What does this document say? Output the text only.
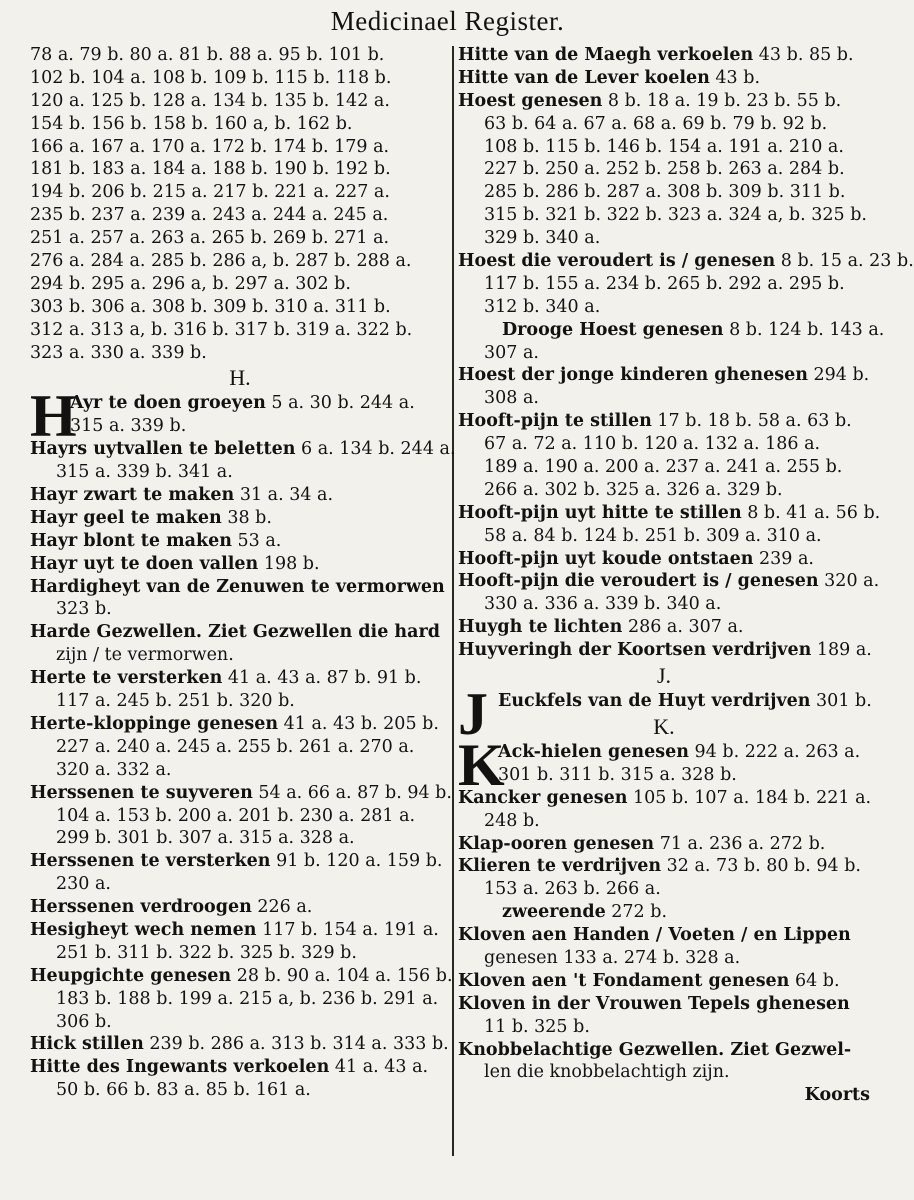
Medicinael Register.
78 a. 79 b. 80 a. 81 b. 88 a. 95 b. 101 b.
102 b. 104 a. 108 b. 109 b. 115 b. 118 b.
120 a. 125 b. 128 a. 134 b. 135 b. 142 a.
154 b. 156 b. 158 b. 160 a, b. 162 b.
166 a. 167 a. 170 a. 172 b. 174 b. 179 a.
181 b. 183 a. 184 a. 188 b. 190 b. 192 b.
194 b. 206 b. 215 a. 217 b. 221 a. 227 a.
235 b. 237 a. 239 a. 243 a. 244 a. 245 a.
251 a. 257 a. 263 a. 265 b. 269 b. 271 a.
276 a. 284 a. 285 b. 286 a, b. 287 b. 288 a.
294 b. 295 a. 296 a, b. 297 a. 302 b.
303 b. 306 a. 308 b. 309 b. 310 a. 311 b.
312 a. 313 a, b. 316 b. 317 b. 319 a. 322 b.
323 a. 330 a. 339 b.
H.
H
Ayr te doen groeyen 5 a. 30 b. 244 a.
315 a. 339 b.
Hayrs uytvallen te beletten 6 a. 134 b. 244 a.
315 a. 339 b. 341 a.
Hayr zwart te maken 31 a. 34 a.
Hayr geel te maken 38 b.
Hayr blont te maken 53 a.
Hayr uyt te doen vallen 198 b.
Hardigheyt van de Zenuwen te vermorwen
323 b.
Harde Gezwellen. Ziet Gezwellen die hard
zijn / te vermorwen.
Herte te versterken 41 a. 43 a. 87 b. 91 b.
117 a. 245 b. 251 b. 320 b.
Herte-kloppinge genesen 41 a. 43 b. 205 b.
227 a. 240 a. 245 a. 255 b. 261 a. 270 a.
320 a. 332 a.
Herssenen te suyveren 54 a. 66 a. 87 b. 94 b.
104 a. 153 b. 200 a. 201 b. 230 a. 281 a.
299 b. 301 b. 307 a. 315 a. 328 a.
Herssenen te versterken 91 b. 120 a. 159 b.
230 a.
Herssenen verdroogen 226 a.
Hesigheyt wech nemen 117 b. 154 a. 191 a.
251 b. 311 b. 322 b. 325 b. 329 b.
Heupgichte genesen 28 b. 90 a. 104 a. 156 b.
183 b. 188 b. 199 a. 215 a, b. 236 b. 291 a.
306 b.
Hick stillen 239 b. 286 a. 313 b. 314 a. 333 b.
Hitte des Ingewants verkoelen 41 a. 43 a.
50 b. 66 b. 83 a. 85 b. 161 a.
Hitte van de Maegh verkoelen 43 b. 85 b.
Hitte van de Lever koelen 43 b.
Hoest genesen 8 b. 18 a. 19 b. 23 b. 55 b.
63 b. 64 a. 67 a. 68 a. 69 b. 79 b. 92 b.
108 b. 115 b. 146 b. 154 a. 191 a. 210 a.
227 b. 250 a. 252 b. 258 b. 263 a. 284 b.
285 b. 286 b. 287 a. 308 b. 309 b. 311 b.
315 b. 321 b. 322 b. 323 a. 324 a, b. 325 b.
329 b. 340 a.
Hoest die veroudert is / genesen 8 b. 15 a. 23 b.
117 b. 155 a. 234 b. 265 b. 292 a. 295 b.
312 b. 340 a.
Drooge Hoest genesen 8 b. 124 b. 143 a.
307 a.
Hoest der jonge kinderen ghenesen 294 b.
308 a.
Hooft-pijn te stillen 17 b. 18 b. 58 a. 63 b.
67 a. 72 a. 110 b. 120 a. 132 a. 186 a.
189 a. 190 a. 200 a. 237 a. 241 a. 255 b.
266 a. 302 b. 325 a. 326 a. 329 b.
Hooft-pijn uyt hitte te stillen 8 b. 41 a. 56 b.
58 a. 84 b. 124 b. 251 b. 309 a. 310 a.
Hooft-pijn uyt koude ontstaen 239 a.
Hooft-pijn die veroudert is / genesen 320 a.
330 a. 336 a. 339 b. 340 a.
Huygh te lichten 286 a. 307 a.
Huyveringh der Koortsen verdrijven 189 a.
J.
J Euckfels van de Huyt verdrijven 301 b.
K.
K
Ack-hielen genesen 94 b. 222 a. 263 a.
301 b. 311 b. 315 a. 328 b.
Kancker genesen 105 b. 107 a. 184 b. 221 a.
248 b.
Klap-ooren genesen 71 a. 236 a. 272 b.
Klieren te verdrijven 32 a. 73 b. 80 b. 94 b.
153 a. 263 b. 266 a.
zweerende 272 b.
Kloven aen Handen / Voeten / en Lippen
genesen 133 a. 274 b. 328 a.
Kloven aen 't Fondament genesen 64 b.
Kloven in der Vrouwen Tepels ghenesen
11 b. 325 b.
Knobbelachtige Gezwellen. Ziet Gezwel-
len die knobbelachtigh zijn.
Koorts
